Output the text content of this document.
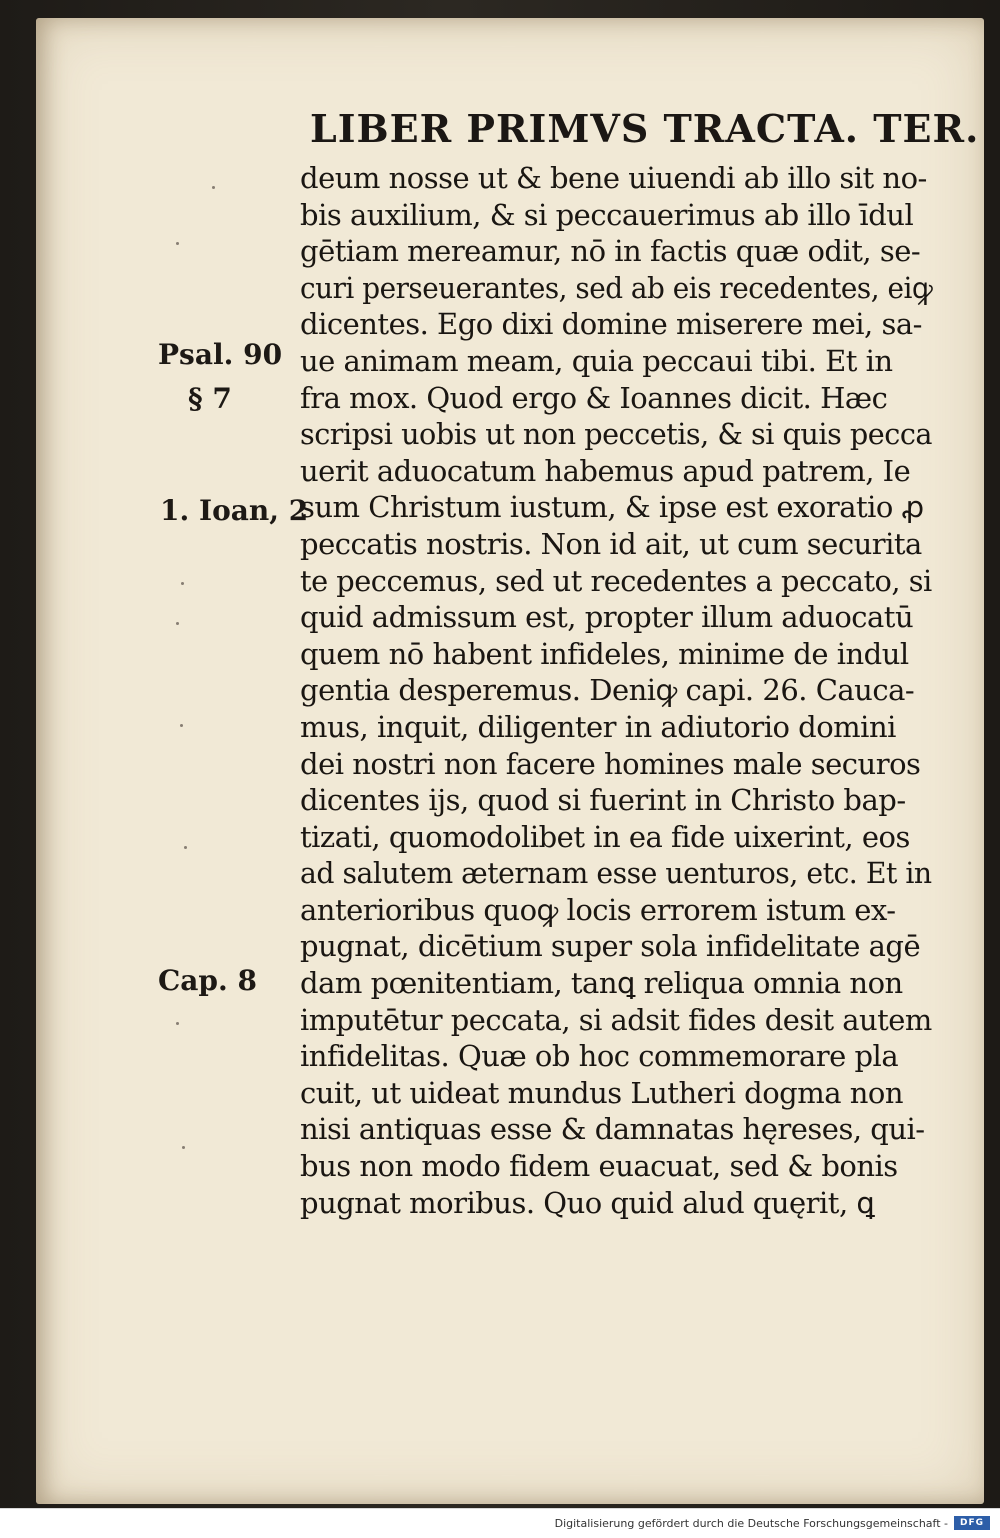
LIBER PRIMVS TRACTA. TER.
deum nosse ut & bene uiuendi ab illo sit no-
bis auxilium, & si peccauerimus ab illo īdul
gētiam mereamur, nō in factis quæ odit, se-
curi perseuerantes, sed ab eis recedentes, eiꝙ
dicentes. Ego dixi domine miserere mei, sa-
ue animam meam, quia peccaui tibi. Et in
fra mox. Quod ergo & Ioannes dicit. Hæc
scripsi uobis ut non peccetis, & si quis pecca
uerit aduocatum habemus apud patrem, Ie
sum Christum iustum, & ipse est exoratio ꝓ
peccatis nostris. Non id ait, ut cum securita
te peccemus, sed ut recedentes a peccato, si
quid admissum est, propter illum aduocatū
quem nō habent infideles, minime de indul
gentia desperemus. Deniꝙ capi. 26. Cauca-
mus, inquit, diligenter in adiutorio domini
dei nostri non facere homines male securos
dicentes ijs, quod si fuerint in Christo bap-
tizati, quomodolibet in ea fide uixerint, eos
ad salutem æternam esse uenturos, etc. Et in
anterioribus quoꝙ locis errorem istum ex-
pugnat, dicētium super sola infidelitate agē
dam pœnitentiam, tanꝗ reliqua omnia non
imputētur peccata, si adsit fides desit autem
infidelitas. Quæ ob hoc commemorare pla
cuit, ut uideat mundus Lutheri dogma non
nisi antiquas esse & damnatas hęreses, qui-
bus non modo fidem euacuat, sed & bonis
pugnat moribus. Quo quid alud quęrit, ꝗ
Psal. 90
§ 7
1. Ioan, 2
Cap. 8
Digitalisierung gefördert durch die Deutsche Forschungsgemeinschaft -	DFG
